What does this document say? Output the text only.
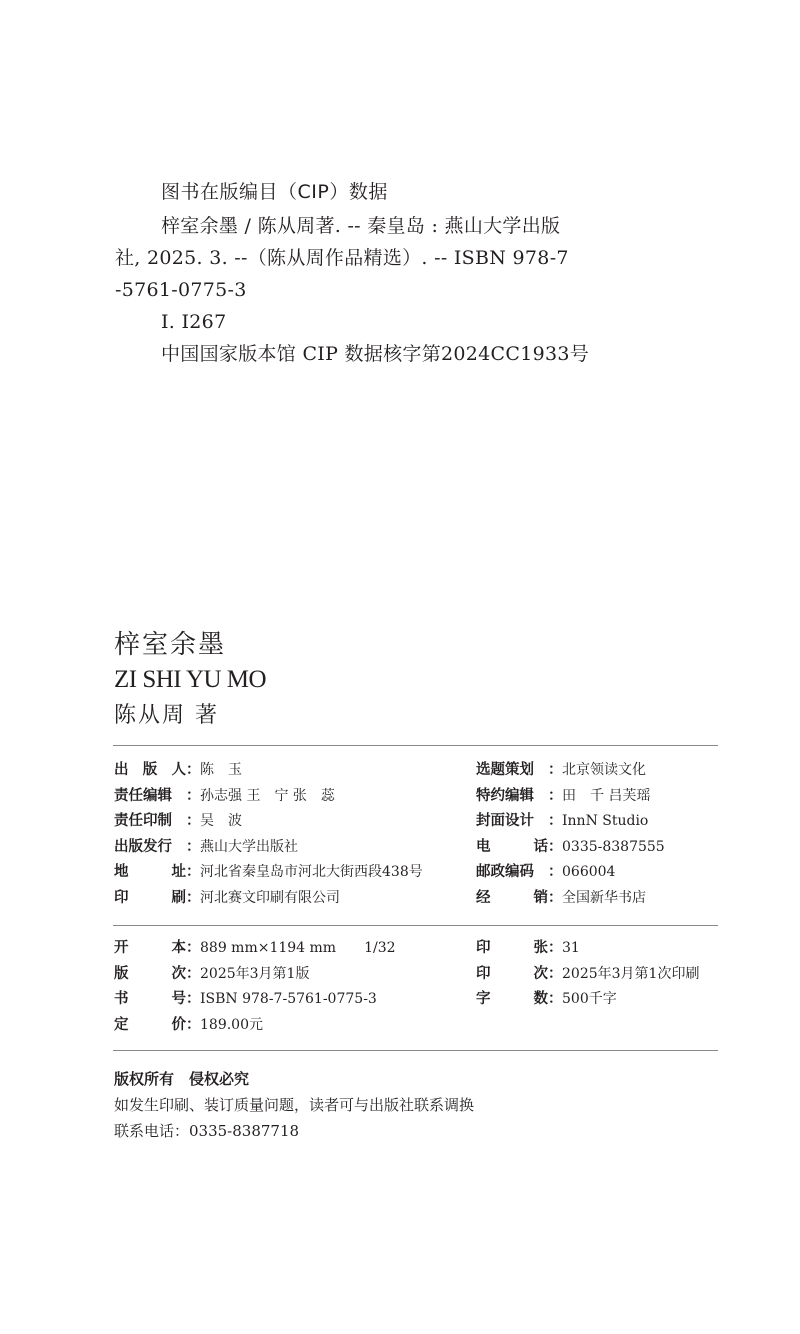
图书在版编目（CIP）数据
梓室余墨 / 陈从周著. -- 秦皇岛 : 燕山大学出版
社, 2025. 3. --（陈从周作品精选）. -- ISBN 978-7
-5761-0775-3
Ⅰ. I267
中国国家版本馆 CIP 数据核字第2024CC1933号
梓室余墨
ZI SHI YU MO
陈从周 著
出 版 人 ： 陈　玉	选题策划 ： 北京领读文化
责任编辑 ： 孙志强 王　宁 张　蕊	特约编辑 ： 田　千 吕芙瑶
责任印制 ： 吴　波	封面设计 ： InnN Studio
出版发行 ： 燕山大学出版社	电	话 ： 0335-8387555
地	址 ： 河北省秦皇岛市河北大街西段438号	邮政编码 ： 066004
印	刷 ： 河北赛文印刷有限公司	经	销 ： 全国新华书店
开	本 ： 889 mm×1194 mm　　1/32	印	张 ： 31
版	次 ： 2025年3月第1版	印	次 ： 2025年3月第1次印刷
书	号 ： ISBN 978-7-5761-0775-3	字	数 ： 500千字
定	价 ： 189.00元
版权所有　侵权必究
如发生印刷、装订质量问题，读者可与出版社联系调换
联系电话：0335-8387718
